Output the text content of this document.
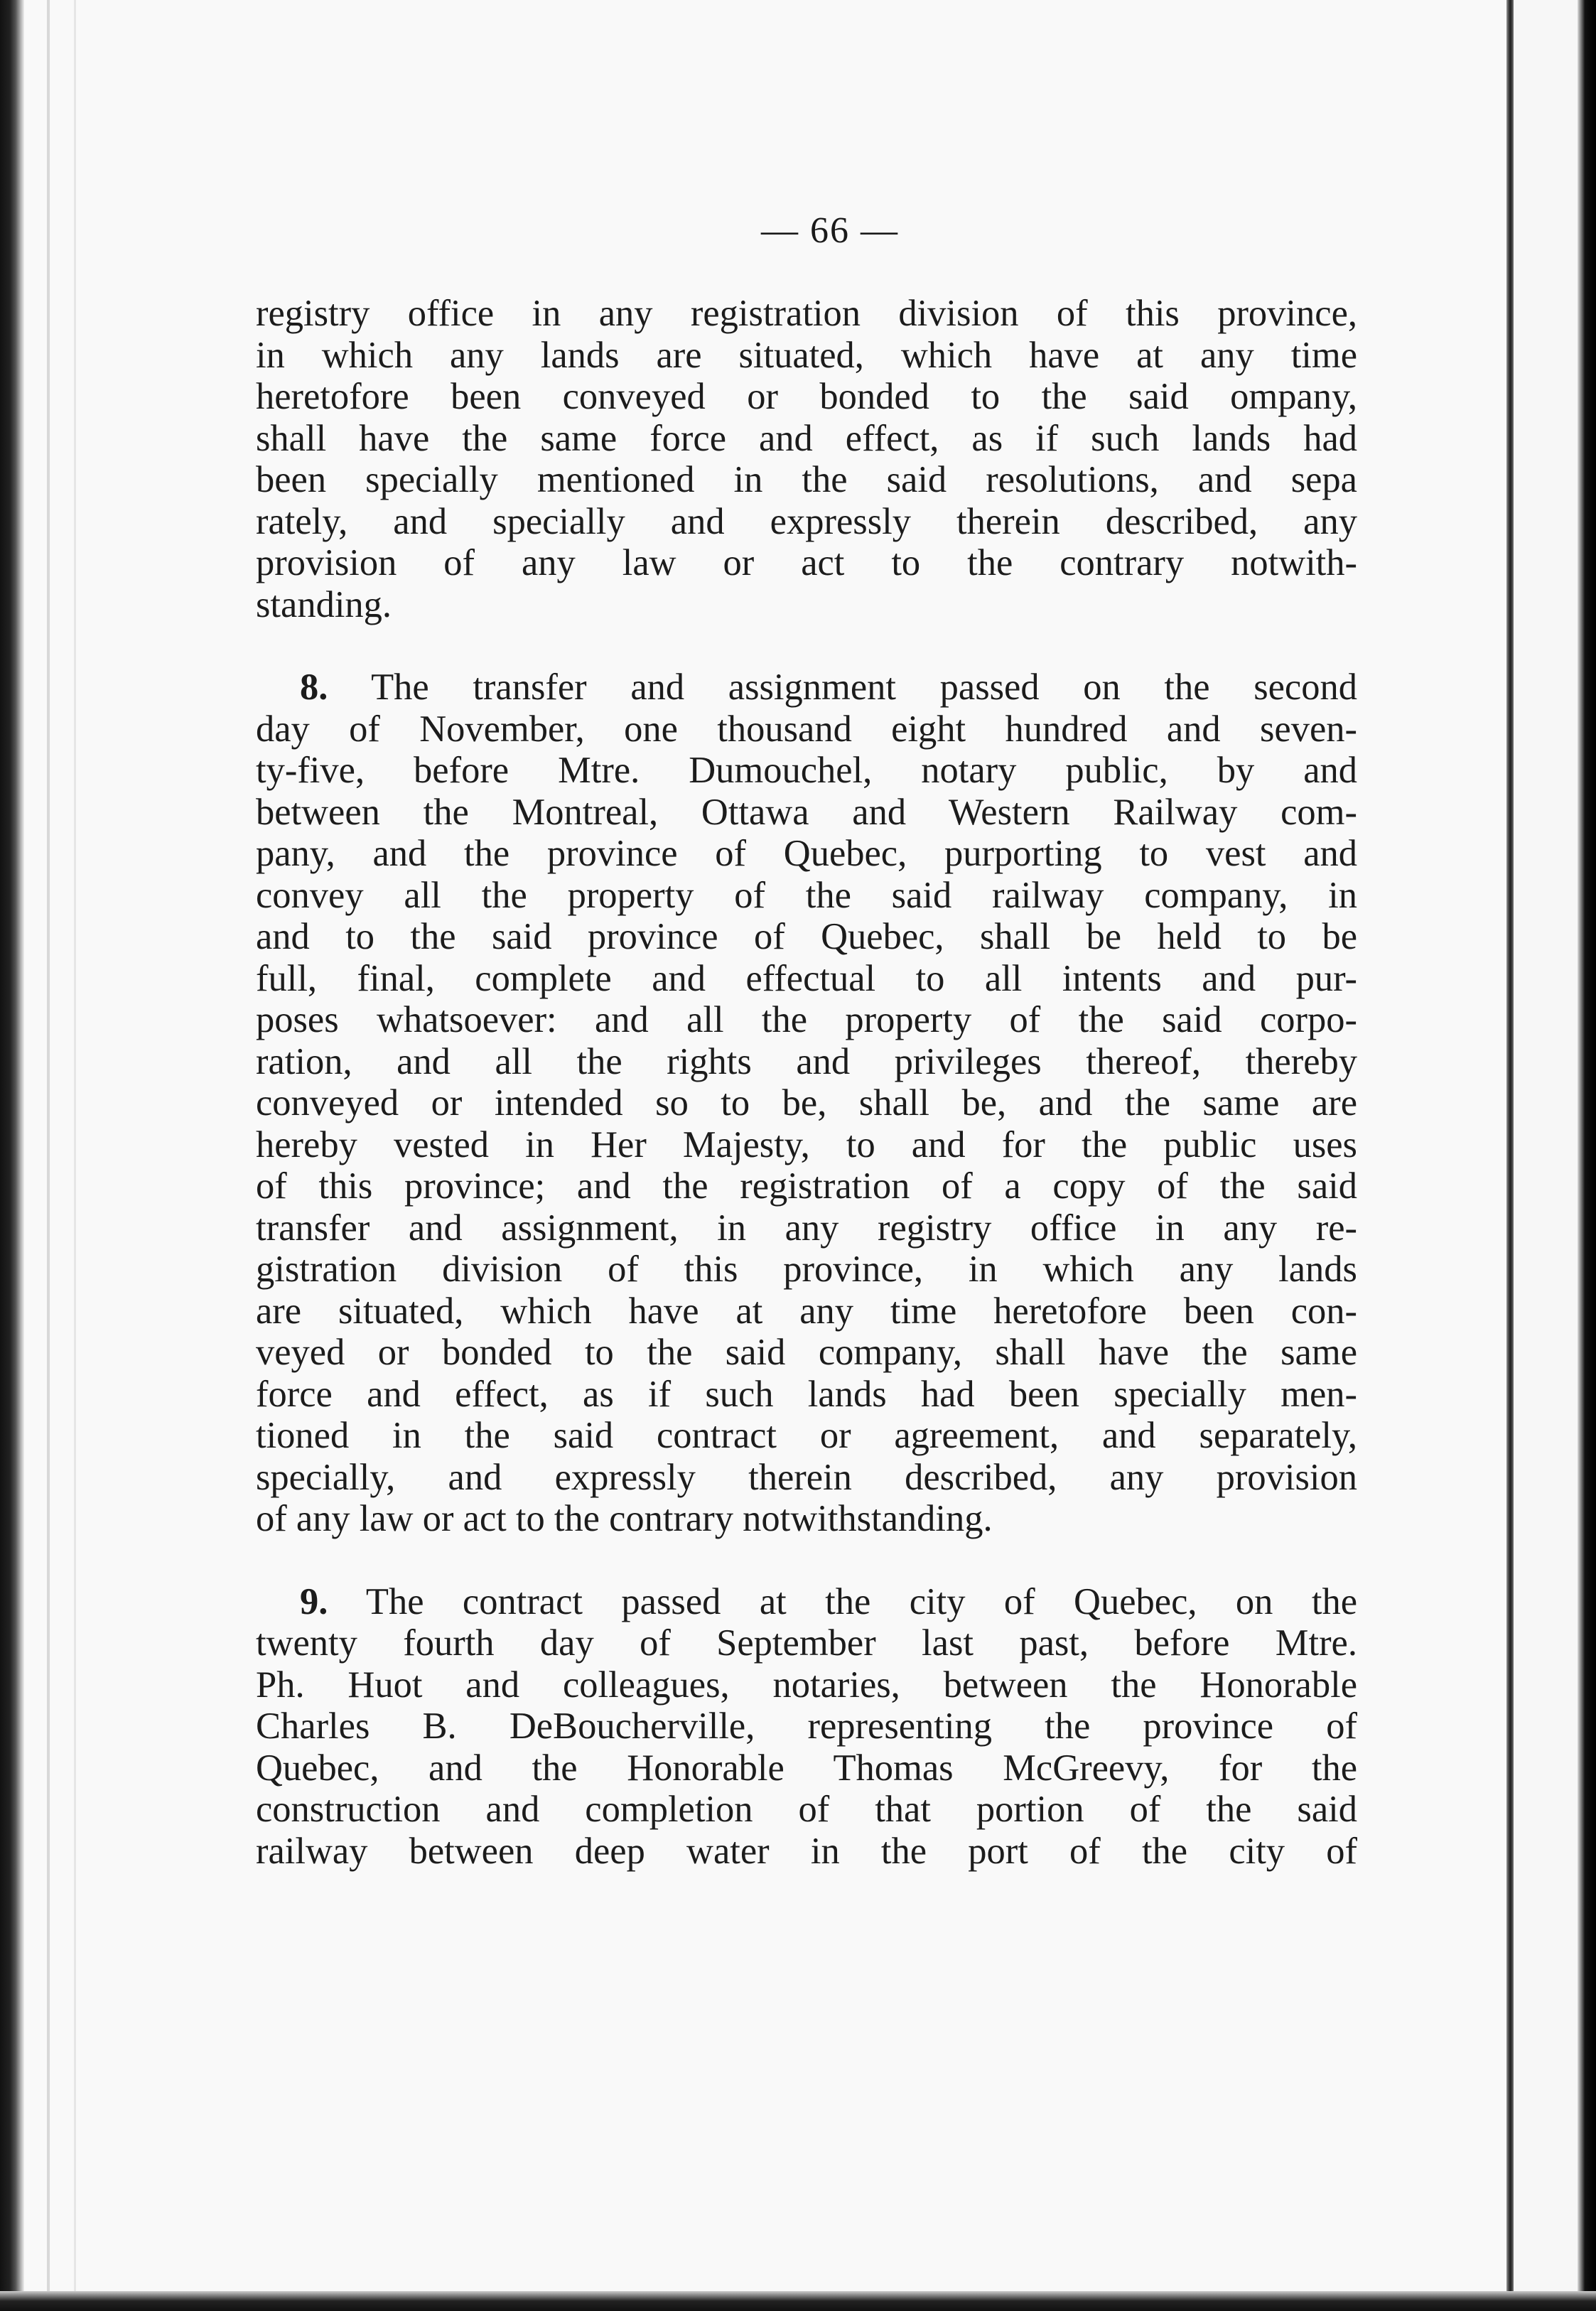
— 66 —
registry office in any registration division of this province,
in which any lands are situated, which have at any time
heretofore been conveyed or bonded to the said ompany,
shall have the same force and effect, as if such lands had
been specially mentioned in the said resolutions, and sepa
rately, and specially and expressly therein described, any
provision of any law or act to the contrary notwith-
standing.
8. The transfer and assignment passed on the second
day of November, one thousand eight hundred and seven-
ty-five, before Mtre. Dumouchel, notary public, by and
between the Montreal, Ottawa and Western Railway com-
pany, and the province of Quebec, purporting to vest and
convey all the property of the said railway company, in
and to the said province of Quebec, shall be held to be
full, final, complete and effectual to all intents and pur-
poses whatsoever: and all the property of the said corpo-
ration, and all the rights and privileges thereof, thereby
conveyed or intended so to be, shall be, and the same are
hereby vested in Her Majesty, to and for the public uses
of this province; and the registration of a copy of the said
transfer and assignment, in any registry office in any re-
gistration division of this province, in which any lands
are situated, which have at any time heretofore been con-
veyed or bonded to the said company, shall have the same
force and effect, as if such lands had been specially men-
tioned in the said contract or agreement, and separately,
specially, and expressly therein described, any provision
of any law or act to the contrary notwithstanding.
9. The contract passed at the city of Quebec, on the
twenty fourth day of September last past, before Mtre.
Ph. Huot and colleagues, notaries, between the Honorable
Charles B. DeBoucherville, representing the province of
Quebec, and the Honorable Thomas McGreevy, for the
construction and completion of that portion of the said
railway between deep water in the port of the city of
